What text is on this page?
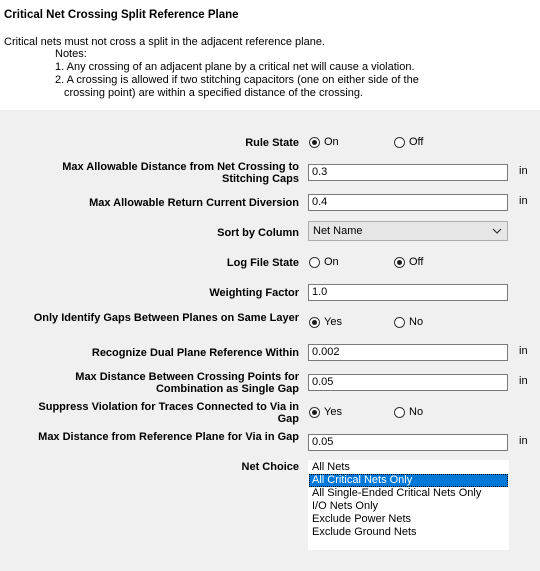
Critical Net Crossing Split Reference Plane
Critical nets must not cross a split in the adjacent reference plane.
Notes:
1. Any crossing of an adjacent plane by a critical net will cause a violation.
2. A crossing is allowed if two stitching capacitors (one on either side of the
crossing point) are within a specified distance of the crossing.
Rule State On	Off
Max Allowable Distance from Net Crossing to
Stitching Caps
0.3	in
Max Allowable Return Current Diversion	0.4	in
Sort by Column Net Name
Log File State On	Off
Weighting Factor	1.0
Only Identify Gaps Between Planes on Same Layer Yes	No
Recognize Dual Plane Reference Within	0.002	in
Max Distance Between Crossing Points for
Combination as Single Gap
0.05	in
Suppress Violation for Traces Connected to Via in
Gap
Yes	No
Max Distance from Reference Plane for Via in Gap	0.05	in
Net Choice All Nets
All Critical Nets Only
All Single-Ended Critical Nets Only
I/O Nets Only
Exclude Power Nets
Exclude Ground Nets
